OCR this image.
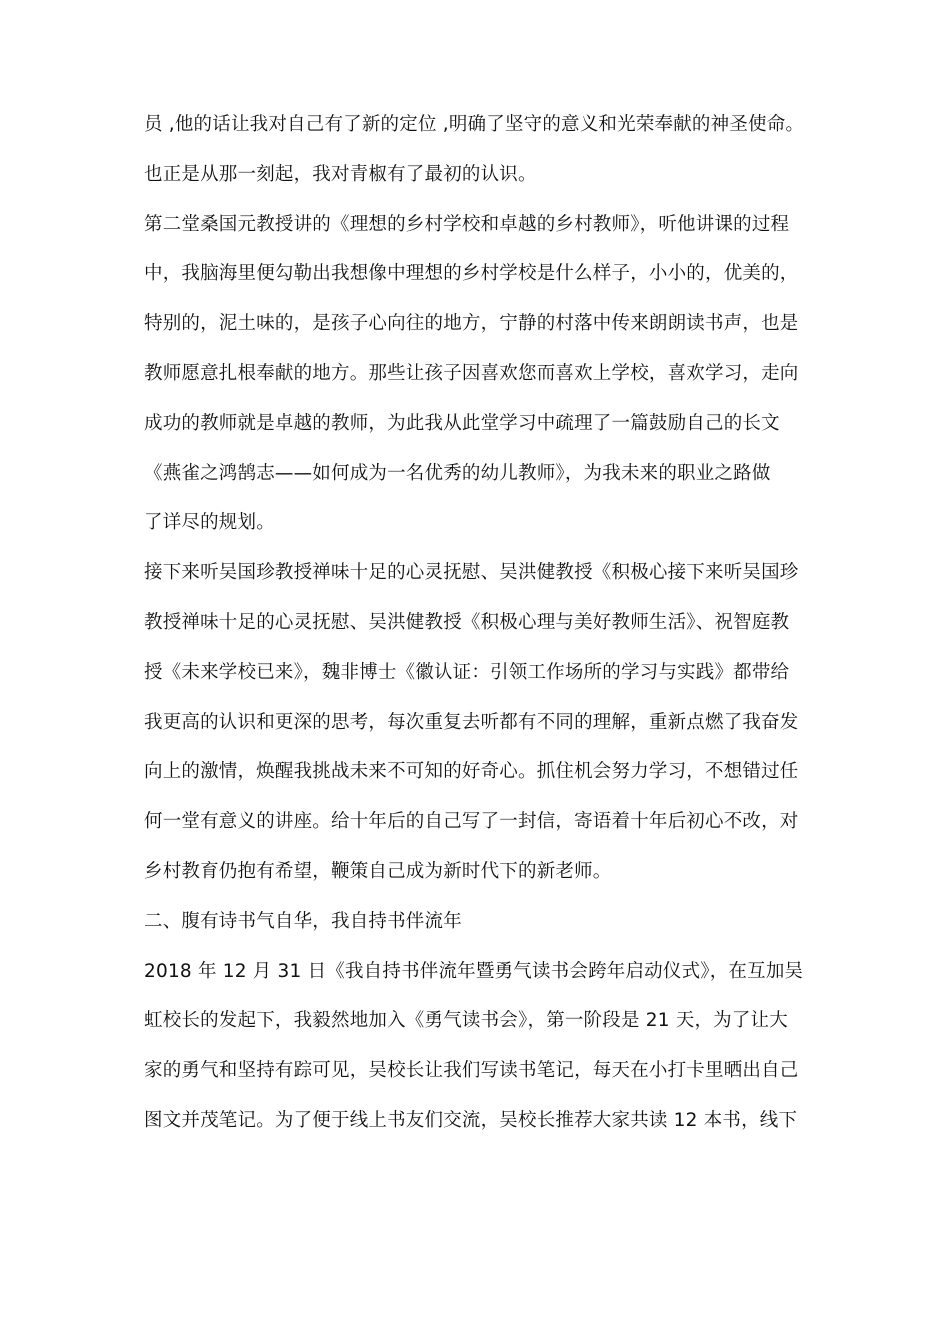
员 ,他的话让我对自己有了新的定位 ,明确了坚守的意义和光荣奉献的神圣使命。
也正是从那一刻起，我对青椒有了最初的认识。
第二堂桑国元教授讲的《理想的乡村学校和卓越的乡村教师》，听他讲课的过程
中，我脑海里便勾勒出我想像中理想的乡村学校是什么样子，小小的，优美的，
特别的，泥土味的，是孩子心向往的地方，宁静的村落中传来朗朗读书声，也是
教师愿意扎根奉献的地方。那些让孩子因喜欢您而喜欢上学校，喜欢学习，走向
成功的教师就是卓越的教师，为此我从此堂学习中疏理了一篇鼓励自己的长文
《燕雀之鸿鹄志——如何成为一名优秀的幼儿教师》，为我未来的职业之路做
了详尽的规划。
接下来听吴国珍教授禅味十足的心灵抚慰、吴洪健教授《积极心接下来听吴国珍
教授禅味十足的心灵抚慰、吴洪健教授《积极心理与美好教师生活》、祝智庭教
授《未来学校已来》，魏非博士《徽认证：引领工作场所的学习与实践》都带给
我更高的认识和更深的思考，每次重复去听都有不同的理解，重新点燃了我奋发
向上的激情，焕醒我挑战未来不可知的好奇心。抓住机会努力学习，不想错过任
何一堂有意义的讲座。给十年后的自己写了一封信，寄语着十年后初心不改，对
乡村教育仍抱有希望，鞭策自己成为新时代下的新老师。
二、腹有诗书气自华，我自持书伴流年
2018 年 12 月 31 日《我自持书伴流年暨勇气读书会跨年启动仪式》，在互加吴
虹校长的发起下，我毅然地加入《勇气读书会》，第一阶段是 21 天，为了让大
家的勇气和坚持有踪可见，吴校长让我们写读书笔记，每天在小打卡里晒出自己
图文并茂笔记。为了便于线上书友们交流，吴校长推荐大家共读 12 本书，线下
